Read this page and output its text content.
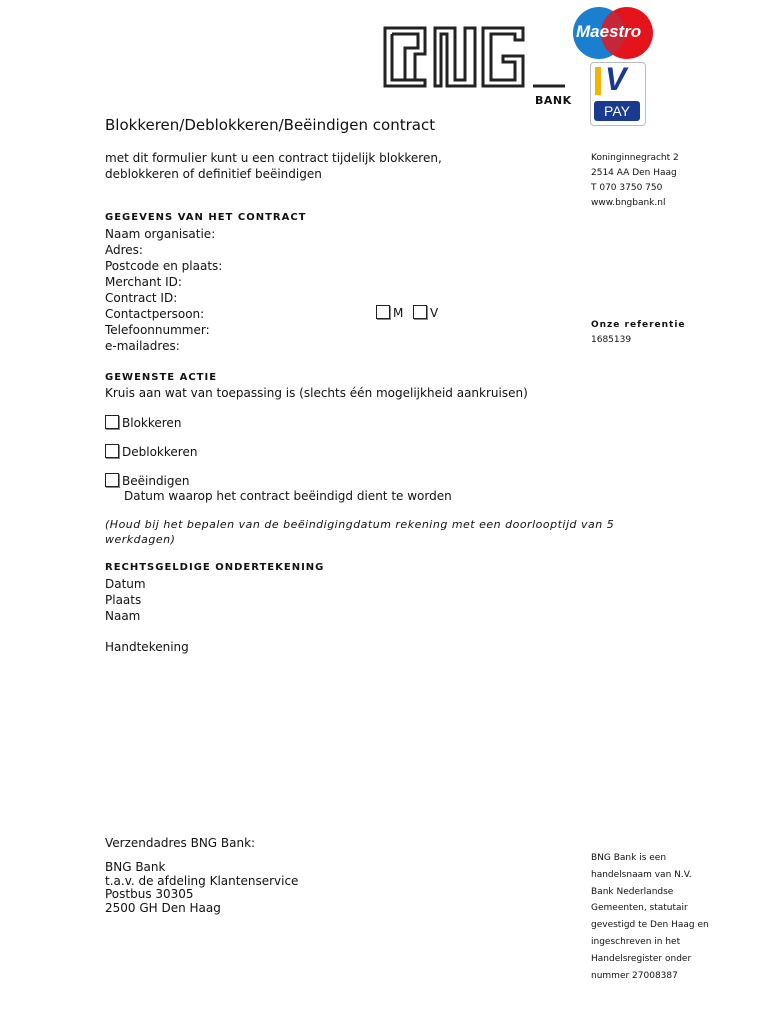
BANK
Maestro
V
PAY
Blokkeren/Deblokkeren/Beëindigen contract
met dit formulier kunt u een contract tijdelijk blokkeren,
deblokkeren of definitief beëindigen
Koninginnegracht 2
2514 AA Den Haag
T 070 3750 750
www.bngbank.nl
GEGEVENS VAN HET CONTRACT
Naam organisatie:
Adres:
Postcode en plaats:
Merchant ID:
Contract ID:
Contactpersoon:
Telefoonnummer:
e-mailadres:
M V
Onze referentie
1685139
GEWENSTE ACTIE
Kruis aan wat van toepassing is (slechts één mogelijkheid aankruisen)
Blokkeren
Deblokkeren
Beëindigen
Datum waarop het contract beëindigd dient te worden
(Houd bij het bepalen van de beëindigingdatum rekening met een doorlooptijd van 5
werkdagen)
RECHTSGELDIGE ONDERTEKENING
Datum
Plaats
Naam
Handtekening
Verzendadres BNG Bank:
BNG Bank
t.a.v. de afdeling Klantenservice
Postbus 30305
2500 GH Den Haag
BNG Bank is een
handelsnaam van N.V.
Bank Nederlandse
Gemeenten, statutair
gevestigd te Den Haag en
ingeschreven in het
Handelsregister onder
nummer 27008387
